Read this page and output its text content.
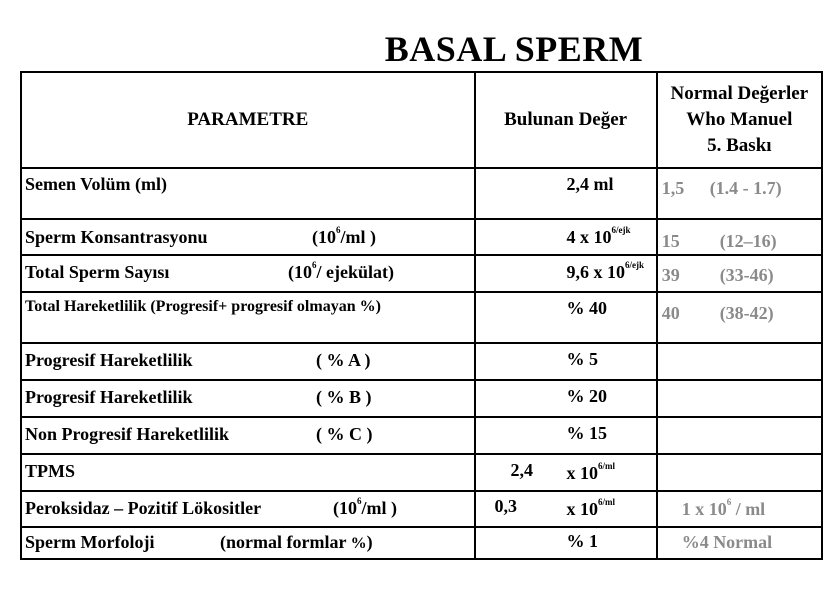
BASAL SPERM
PARAMETRE	Bulunan Değer	Normal Değerler
Who Manuel
5. Baskı

Semen Volüm (ml)	2,4 ml	1,5 (1.4 - 1.7)

Sperm Konsantrasyonu ($10^6/ml$ )	4 x $10^{6/ejk}$	15 (12–16)

Total Sperm Sayısı ($10^6/$ ejekülat)	9,6 x $10^{6/ejk}$	39 (33-46)

Total Hareketlilik (Progresif+ progresif olmayan %)	% 40	40 (38-42)

Progresif Hareketlilik ( % A )	% 5	

Progresif Hareketlilik ( % B )	% 20	

Non Progresif Hareketlilik ( % C )	% 15	

TPMS	2,4 x $10^{6/ml}$

Peroksidaz – Pozitif Lökositler ($10^6/ml$ )	0,3 x $10^{6/ml}$	1 x $10^6$ / ml

Sperm Morfoloji (normal formlar %)	% 1	%4 Normal
